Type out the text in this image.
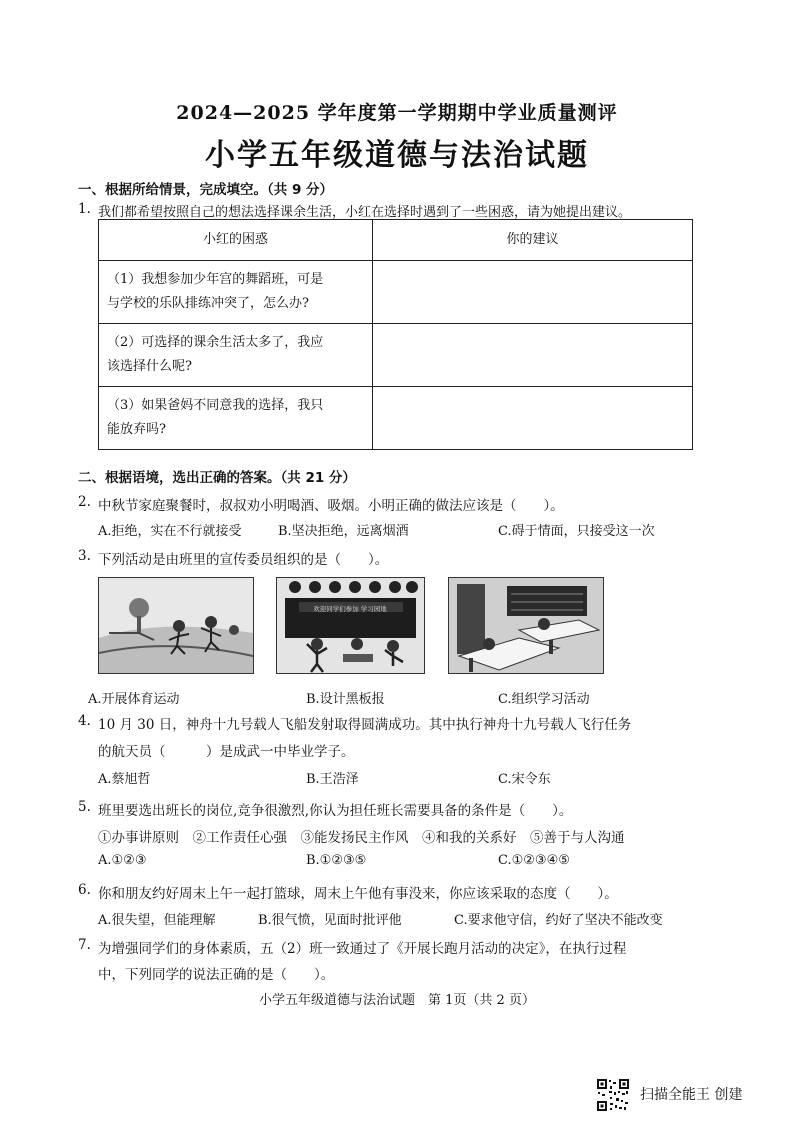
2024—2025 学年度第一学期期中学业质量测评
小学五年级道德与法治试题
一、根据所给情景，完成填空。（共 9 分）
1. 我们都希望按照自己的想法选择课余生活，小红在选择时遇到了一些困惑，请为她提出建议。
小红的困惑	你的建议

（1）我想参加少年宫的舞蹈班，可是
与学校的乐队排练冲突了，怎么办?	

（2）可选择的课余生活太多了，我应
该选择什么呢?	

（3）如果爸妈不同意我的选择，我只
能放弃吗?	

二、根据语境，选出正确的答案。（共 21 分）
2. 中秋节家庭聚餐时，叔叔劝小明喝酒、吸烟。小明正确的做法应该是（　　）。
A.拒绝，实在不行就接受	B.坚决拒绝，远离烟酒	C.碍于情面，只接受这一次
3. 下列活动是由班里的宣传委员组织的是（　　）。
欢迎同学们参加 学习园地
A.开展体育运动	B.设计黑板报	C.组织学习活动
4. 10 月 30 日，神舟十九号载人飞船发射取得圆满成功。其中执行神舟十九号载人飞行任务
的航天员（　　　）是成武一中毕业学子。
A.蔡旭哲	B.王浩泽	C.宋令东
5. 班里要选出班长的岗位,竞争很激烈,你认为担任班长需要具备的条件是（　　）。
①办事讲原则　②工作责任心强　③能发扬民主作风　④和我的关系好　⑤善于与人沟通
A.①②③	B.①②③⑤	C.①②③④⑤
6. 你和朋友约好周末上午一起打篮球，周末上午他有事没来，你应该采取的态度（　　）。
A.很失望，但能理解	B.很气愤，见面时批评他	C.要求他守信，约好了坚决不能改变
7. 为增强同学们的身体素质，五（2）班一致通过了《开展长跑月活动的决定》，在执行过程
中，下列同学的说法正确的是（　　）。
小学五年级道德与法治试题　第 1页（共 2 页）
扫描全能王 创建
